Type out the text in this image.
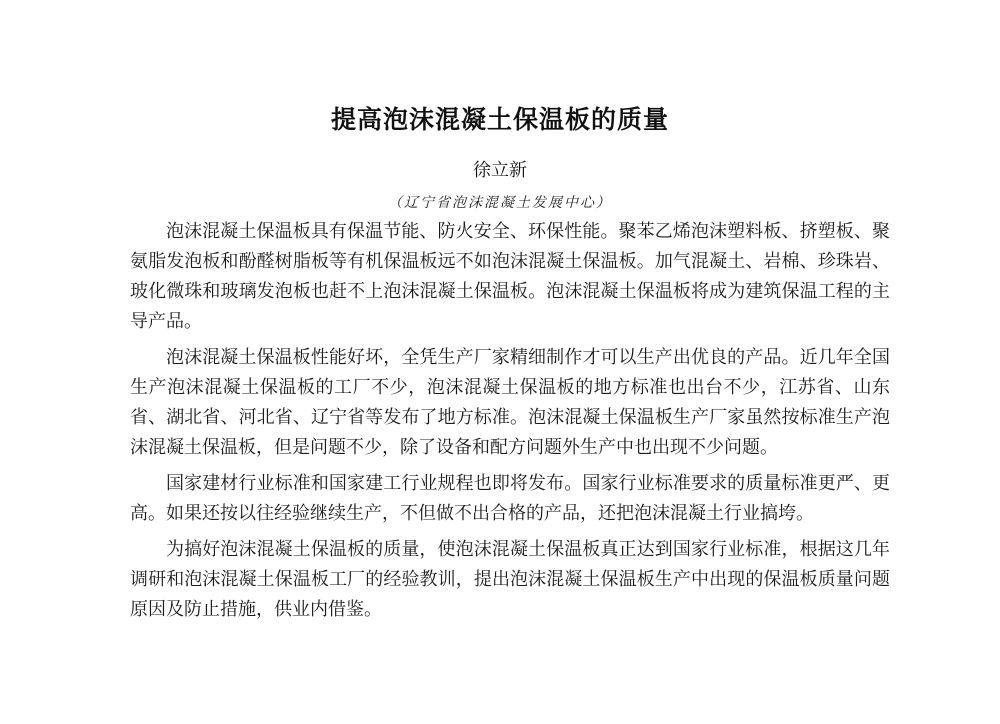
提高泡沫混凝土保温板的质量
徐立新
（辽宁省泡沫混凝土发展中心）

泡沫混凝土保温板具有保温节能、防火安全、环保性能。聚苯乙烯泡沫塑料板、挤塑板、聚氨脂发泡板和酚醛树脂板等有机保温板远不如泡沫混凝土保温板。加气混凝土、岩棉、珍珠岩、玻化微珠和玻璃发泡板也赶不上泡沫混凝土保温板。泡沫混凝土保温板将成为建筑保温工程的主导产品。

泡沫混凝土保温板性能好坏，全凭生产厂家精细制作才可以生产出优良的产品。近几年全国生产泡沫混凝土保温板的工厂不少，泡沫混凝土保温板的地方标准也出台不少，江苏省、山东省、湖北省、河北省、辽宁省等发布了地方标准。泡沫混凝土保温板生产厂家虽然按标准生产泡沫混凝土保温板，但是问题不少，除了设备和配方问题外生产中也出现不少问题。

国家建材行业标准和国家建工行业规程也即将发布。国家行业标准要求的质量标准更严、更高。如果还按以往经验继续生产，不但做不出合格的产品，还把泡沫混凝土行业搞垮。

为搞好泡沫混凝土保温板的质量，使泡沫混凝土保温板真正达到国家行业标准，根据这几年调研和泡沫混凝土保温板工厂的经验教训，提出泡沫混凝土保温板生产中出现的保温板质量问题原因及防止措施，供业内借鉴。
